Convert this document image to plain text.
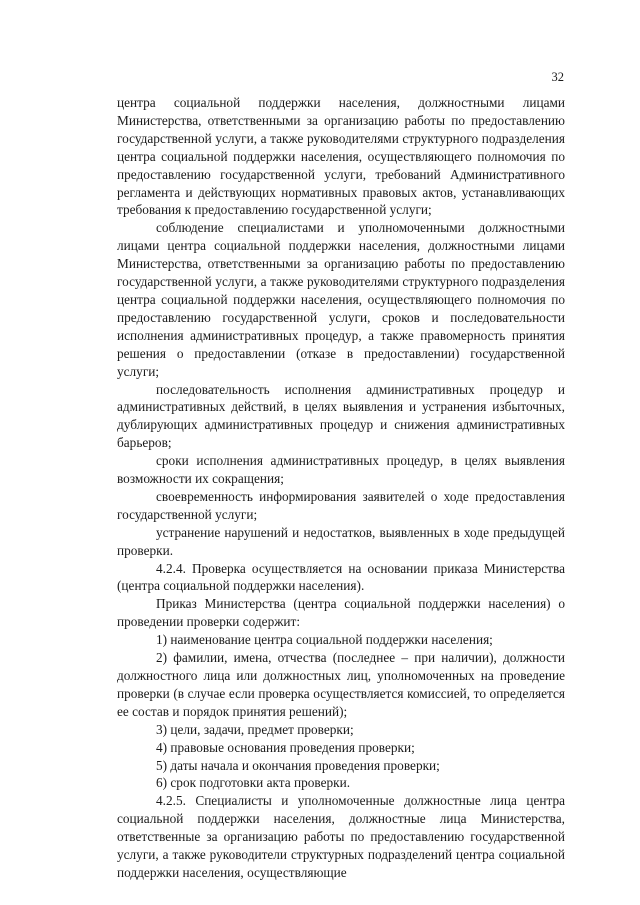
32

центра социальной поддержки населения, должностными лицами Министерства, ответственными за организацию работы по предоставлению государственной услуги, а также руководителями структурного подразделения центра социальной поддержки населения, осуществляющего полномочия по предоставлению государственной услуги, требований Административного регламента и действующих нормативных правовых актов, устанавливающих требования к предоставлению государственной услуги;

соблюдение специалистами и уполномоченными должностными лицами центра социальной поддержки населения, должностными лицами Министерства, ответственными за организацию работы по предоставлению государственной услуги, а также руководителями структурного подразделения центра социальной поддержки населения, осуществляющего полномочия по предоставлению государственной услуги, сроков и последовательности исполнения административных процедур, а также правомерность принятия решения о предоставлении (отказе в предоставлении) государственной услуги;

последовательность исполнения административных процедур и административных действий, в целях выявления и устранения избыточных, дублирующих административных процедур и снижения административных барьеров;

сроки исполнения административных процедур, в целях выявления возможности их сокращения;

своевременность информирования заявителей о ходе предоставления государственной услуги;

устранение нарушений и недостатков, выявленных в ходе предыдущей проверки.

4.2.4. Проверка осуществляется на основании приказа Министерства (центра социальной поддержки населения).

Приказ Министерства (центра социальной поддержки населения) о проведении проверки содержит:

1) наименование центра социальной поддержки населения;

2) фамилии, имена, отчества (последнее – при наличии), должности должностного лица или должностных лиц, уполномоченных на проведение проверки (в случае если проверка осуществляется комиссией, то определяется ее состав и порядок принятия решений);

3) цели, задачи, предмет проверки;

4) правовые основания проведения проверки;

5) даты начала и окончания проведения проверки;

6) срок подготовки акта проверки.

4.2.5. Специалисты и уполномоченные должностные лица центра социальной поддержки населения, должностные лица Министерства, ответственные за организацию работы по предоставлению государственной услуги, а также руководители структурных подразделений центра социальной поддержки населения, осуществляющие
